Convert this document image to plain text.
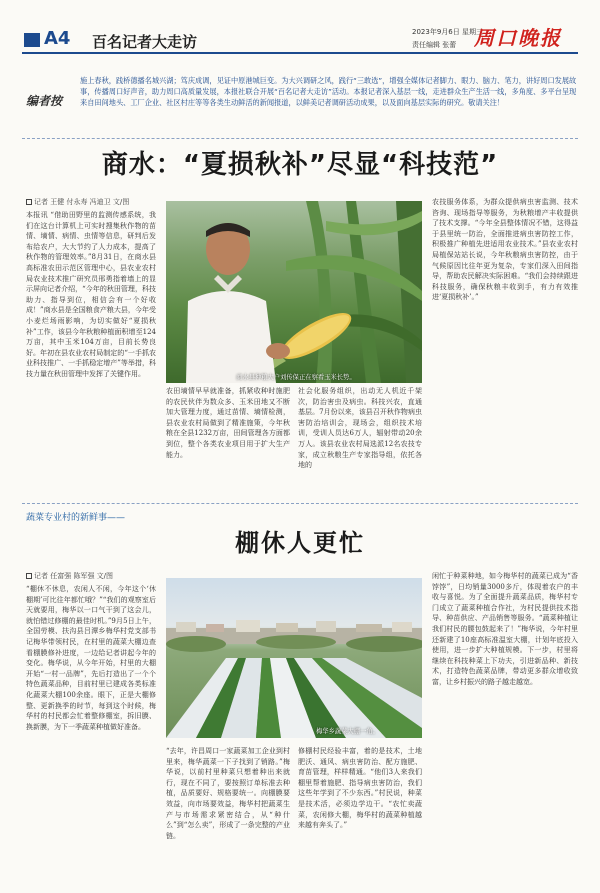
A4 百名记者大走访
2023年9月6日 星期三
责任编辑 张蕾 周口晚报
编者按
施上春秋，践桥德播名城兴湖；笃庆成调，见证中原港城巨变。为大兴调研之风，践行“三敢选”，增强全媒体记者脚力、眼力、脑力、笔力，讲好周口发展故事，传播周口好声音，助力周口高质量发展，本报社联合开展“百名记者大走访”活动。本报记者深入基层一线，走进群众生产生活一线，多角度、多平台呈现来自田间地头、工厂企业、社区村庄等等各类生动鲜活的新闻报道，以鲜美记者调研活动成果，以及面向基层实际的研究。敬请关注！
商水：“夏损秋补”尽显“科技范”
记者 王健 付永寿 冯迪卫 文/图
本报讯 “借助田野里的监测传感系统，我们在这台计算机上可实时搜集秋作物的苗情、墒情、病情、虫情等信息，研判后发布给农户，大大节约了人力成本，提高了秋作物的管理效率。”8月31日，在商水县高标准农田示范区管理中心，县农业农村局农业技术推广研究员邢勇指着墙上的显示屏向记者介绍，“今年的秋田管理，科技助力、指导到位，相信会有一个好收成！”商水县是全国粮食产粮大县，今年受小麦烂场雨影响，为切实做好“夏损秋补”工作，该县今年秋粮种植面积增至124万亩，其中玉米104万亩，目前长势良好。年初在县农业农村局制定的“一手抓农业科技推广、一手抓稳定增产”等举措，科技力量在秋田管理中发挥了关键作用。	商水县种粮大户刘传保正在察看玉米长势。
农田墒情早早就准备，抓紧收种时施肥的农民伙伴为数众多、玉米田地又不断加大管理力度，通过苗情、墒情检测，县农业农村局做到了精准施策，今年秋粮在全县1232万亩，田间管理各方面都到位，整个各类农业项目用于扩大生产能力。
社会化服务组织，出动无人机近千架次，防治害虫及病虫。科技兴农，直通基层。7月份以来，该县召开秋作物病虫害防治培训会，现场会，组织技术培训，受训人员达6万人，辐射带动20余万人。该县农业农村局选派12名农技专家，成立秋粮生产专家指导组，依托各地的
农技服务体系，为群众提供病虫害监测、技术咨询、现场指导等服务，为秋粮增产丰收提供了技术支撑。“今年全县整体情况不错，这得益于县里统一防治，全面推进病虫害防控工作，积极推广种植先进适用农业技术。”县农业农村局植保站站长说，今年秋粮病虫害防控，由于气候原因比往年更为复杂，专家们深入田间指导，帮助农民解决实际困难。“我们会持续跟进科技服务，确保秋粮丰收到手，有力有效推进‘夏损秋补’。”
蔬菜专业村的新鲜事——
棚休人更忙
记者 任富强 陈军强 文/图
“棚休不休息，农闲人不闲，今年这个‘休棚期’可比往年都忙哦？”“我们的观察室后天就要用，梅华以一口气干到了这会儿，就怕错过修棚的最佳时机。”9月5日上午，全国劳模、扶沟县吕潭乡梅华村党支部书记梅华带领村民，在村里的蔬菜大棚边查看棚膜修补进度，一边给记者讲起今年的变化。梅华说，从今年开始，村里的大棚开始“一村一品牌”，先后打造出了一个个特色蔬菜品种，目前村里已建成各类标准化蔬菜大棚100余座。眼下，正是大棚修整、更新换季的时节，每到这个时候，梅华村的村民都会忙着整修棚室，拆旧膜、换新膜，为下一季蔬菜种植做好准备。
梅华乡蔬菜大棚一角。
“去年，许昌周口一家蔬菜加工企业到村里来，梅华蔬菜一下子找到了销路。”梅华说，以前村里种菜只想着种出来就行，现在不同了，要按照订单标准去种植，品质要好、规格要统一。向棚膜要效益，向市场要效益，梅华村把蔬菜生产与市场需求紧密结合，从“种什么”到“怎么卖”，形成了一条完整的产业链。
修棚村民经验丰富，着的是技术，土地肥沃、通风、病虫害防治、配方施肥、育苗管理，样样精通。“他们3人来我们棚里帮着施肥、指导病虫害防治，我们这些年学到了不少东西。”村民说，种菜是技术活，必须边学边干。“农忙卖蔬菜，农闲修大棚，梅华村的蔬菜种植越来越有奔头了。”
闲忙于种菜种地，如今梅华村的蔬菜已成为“香饽饽”，日均销量3000多斤，体现着农户的丰收与喜悦。为了全面提升蔬菜品质，梅华村专门成立了蔬菜种植合作社，为村民提供技术指导、种苗供应、产品销售等服务。“蔬菜种植让我们村民的腰包鼓起来了！”梅华说，今年村里还新建了10座高标准温室大棚，计划年底投入使用，进一步扩大种植规模。下一步，村里将继续在科技种菜上下功夫，引进新品种、新技术，打造特色蔬菜品牌，带动更多群众增收致富，让乡村振兴的路子越走越宽。
